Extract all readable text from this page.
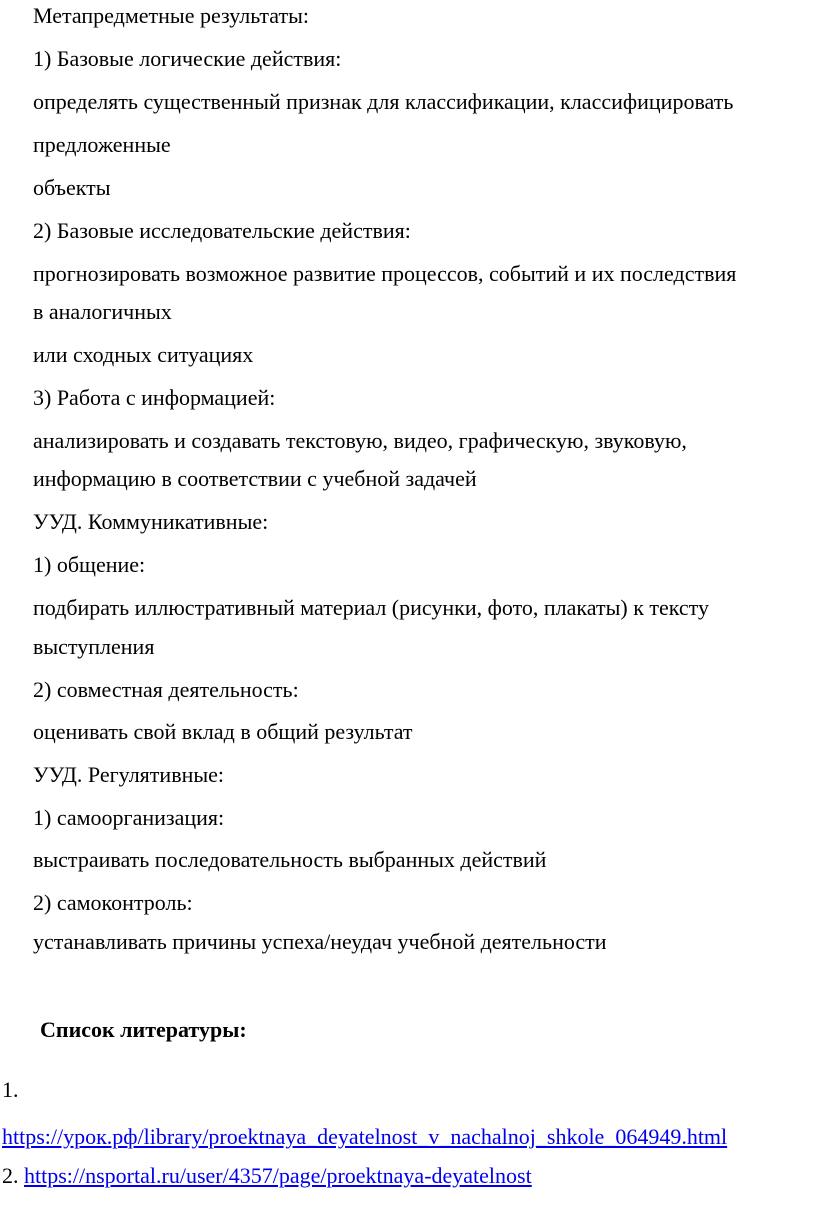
Метапредметные результаты:
1) Базовые логические действия:
определять существенный признак для классификации, классифицировать
предложенные
объекты
2) Базовые исследовательские действия:
прогнозировать возможное развитие процессов, событий и их последствия
в аналогичных
или сходных ситуациях
3) Работа с информацией:
анализировать и создавать текстовую, видео, графическую, звуковую,
информацию в соответствии с учебной задачей
УУД. Коммуникативные:
1) общение:
подбирать иллюстративный материал (рисунки, фото, плакаты) к тексту
выступления
2) совместная деятельность:
оценивать свой вклад в общий результат
УУД. Регулятивные:
1) самоорганизация:
выстраивать последовательность выбранных действий
2) самоконтроль:
устанавливать причины успеха/неудач учебной деятельности
Список литературы:
1.
https://урок.рф/library/proektnaya_deyatelnost_v_nachalnoj_shkole_064949.html
2. https://nsportal.ru/user/4357/page/proektnaya-deyatelnost
